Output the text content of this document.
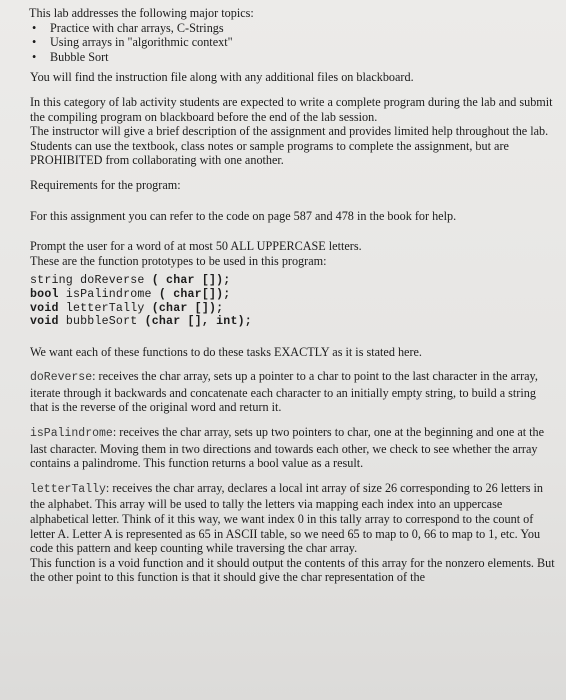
This lab addresses the following major topics:

• Practice with char arrays, C-Strings
• Using arrays in "algorithmic context"
• Bubble Sort

You will find the instruction file along with any additional files on blackboard.

In this category of lab activity students are expected to write a complete program during the lab and submit the compiling program on blackboard before the end of the lab session.

The instructor will give a brief description of the assignment and provides limited help throughout the lab. Students can use the textbook, class notes or sample programs to complete the assignment, but are PROHIBITED from collaborating with one another.

Requirements for the program:

For this assignment you can refer to the code on page 587 and 478 in the book for help.

Prompt the user for a word of at most 50 ALL UPPERCASE letters.

These are the function prototypes to be used in this program:

string doReverse ( char []);
bool isPalindrome ( char[]);
void letterTally (char []);
void bubbleSort (char [], int);

We want each of these functions to do these tasks EXACTLY as it is stated here.

doReverse: receives the char array, sets up a pointer to a char to point to the last character in the array, iterate through it backwards and concatenate each character to an initially empty string, to build a string that is the reverse of the original word and return it.

isPalindrome: receives the char array, sets up two pointers to char, one at the beginning and one at the last character. Moving them in two directions and towards each other, we check to see whether the array contains a palindrome. This function returns a bool value as a result.

letterTally: receives the char array, declares a local int array of size 26 corresponding to 26 letters in the alphabet. This array will be used to tally the letters via mapping each index into an uppercase alphabetical letter. Think of it this way, we want index 0 in this tally array to correspond to the count of letter A. Letter A is represented as 65 in ASCII table, so we need 65 to map to 0, 66 to map to 1, etc. You code this pattern and keep counting while traversing the char array.

This function is a void function and it should output the contents of this array for the nonzero elements. But the other point to this function is that it should give the char representation of the
